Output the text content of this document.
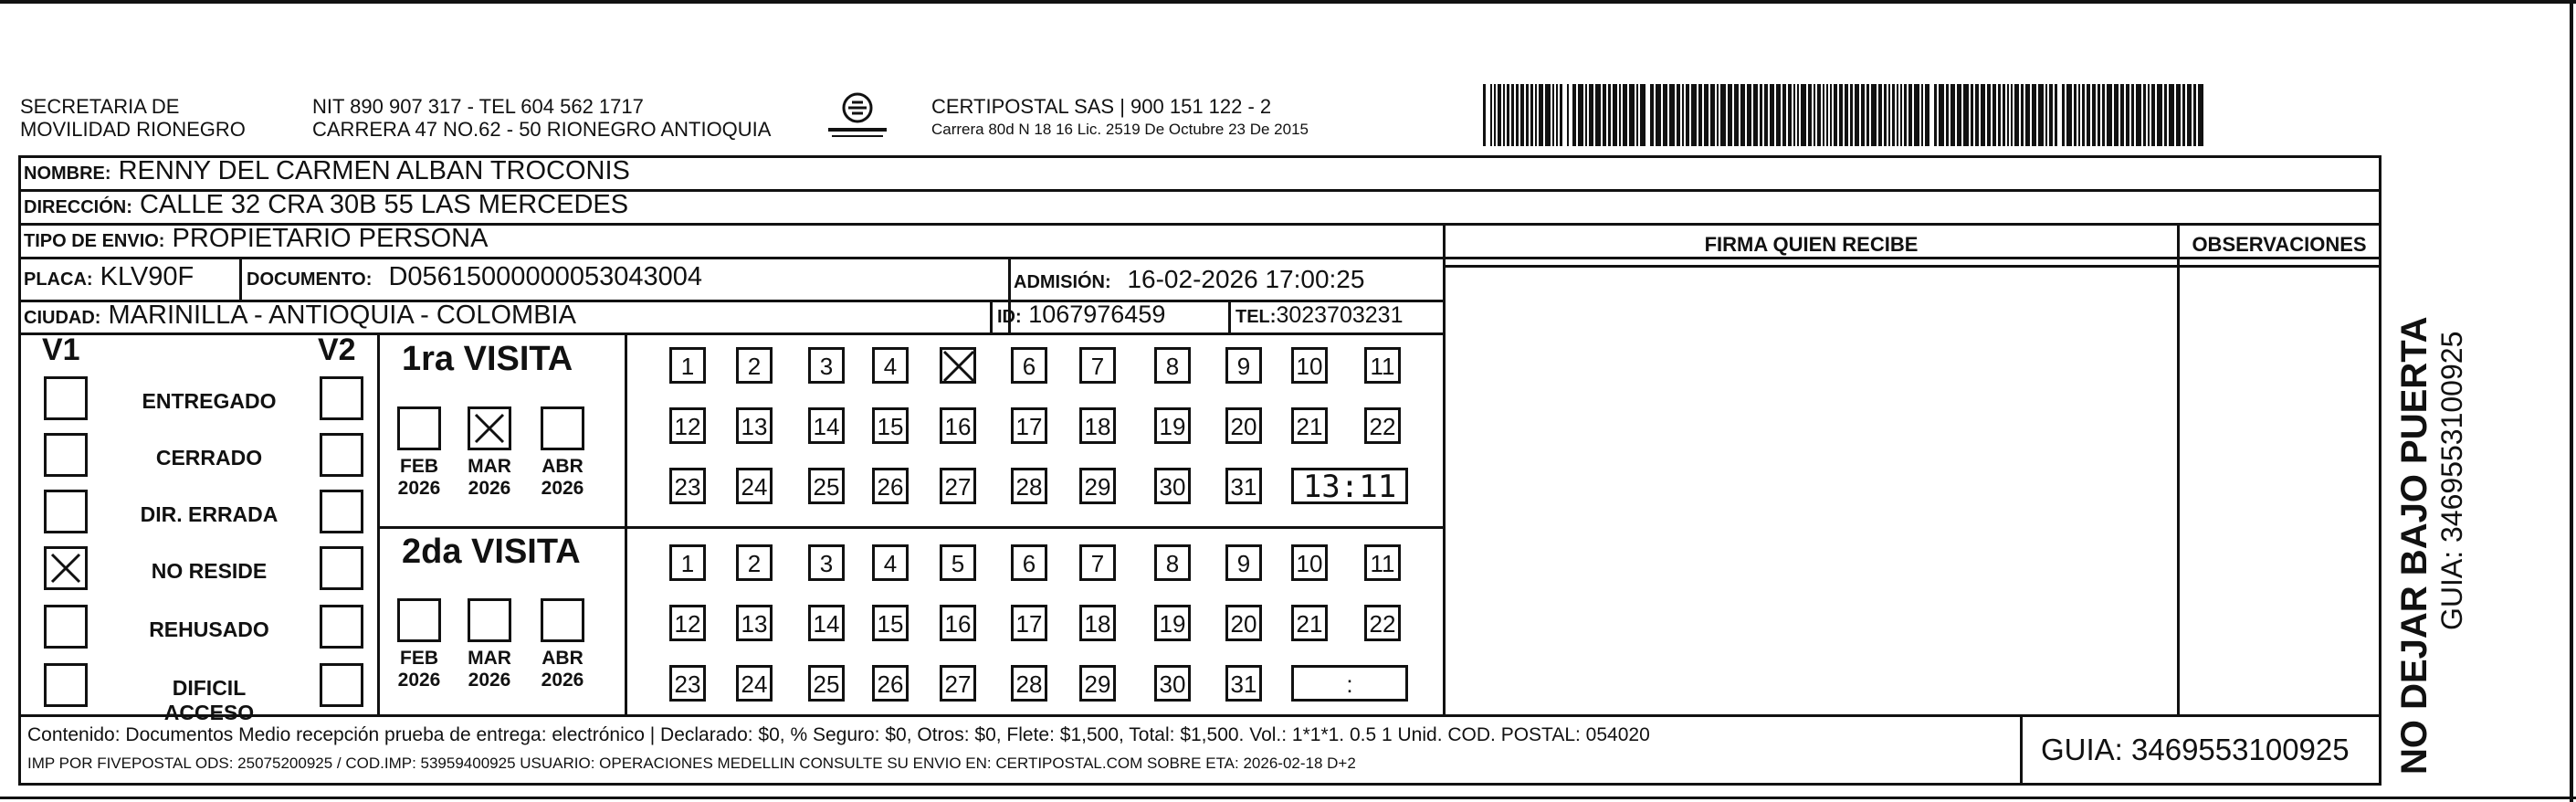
SECRETARIA DE
MOVILIDAD RIONEGRO
NIT 890 907 317 - TEL 604 562 1717
CARRERA 47 NO.62 - 50 RIONEGRO ANTIOQUIA
CERTIPOSTAL SAS | 900 151 122 - 2
Carrera 80d N 18 16 Lic. 2519 De Octubre 23 De 2015
NOMBRE: RENNY DEL CARMEN ALBAN TROCONIS
DIRECCIÓN: CALLE 32 CRA 30B 55 LAS MERCEDES
TIPO DE ENVIO: PROPIETARIO PERSONA
PLACA: KLV90F	DOCUMENTO: D05615000000053043004	ADMISIÓN: 16-02-2026 17:00:25
CIUDAD: MARINILLA - ANTIOQUIA - COLOMBIA	ID: 1067976459	TEL:3023703231
FIRMA QUIEN RECIBE	OBSERVACIONES
V1	V2
ENTREGADO
CERRADO
DIR. ERRADA
NO RESIDE
REHUSADO
DIFICIL ACCESO
1ra VISITA
2da VISITA
FEB
2026
MAR
2026
ABR
2026
FEB
2026
MAR
2026
ABR
2026
1	2	3	4	6	7	8	9	10 11
12 13 14 15 16 17 18 19 20 21 22
23 24 25 26 27 28 29 30 31	13:11
1	2	3	4	5	6	7	8	9	10 11
12 13 14 15 16 17 18 19 20 21 22
23 24 25 26 27 28 29 30 31	:
Contenido: Documentos Medio recepción prueba de entrega: electrónico | Declarado: $0, % Seguro: $0, Otros: $0, Flete: $1,500, Total: $1,500. Vol.: 1*1*1. 0.5 1 Unid. COD. POSTAL: 054020
IMP POR FIVEPOSTAL ODS: 25075200925 / COD.IMP: 53959400925 USUARIO: OPERACIONES MEDELLIN CONSULTE SU ENVIO EN: CERTIPOSTAL.COM SOBRE ETA: 2026-02-18 D+2	GUIA: 3469553100925 NO DEJAR BAJO PUERTA GUIA: 3469553100925
